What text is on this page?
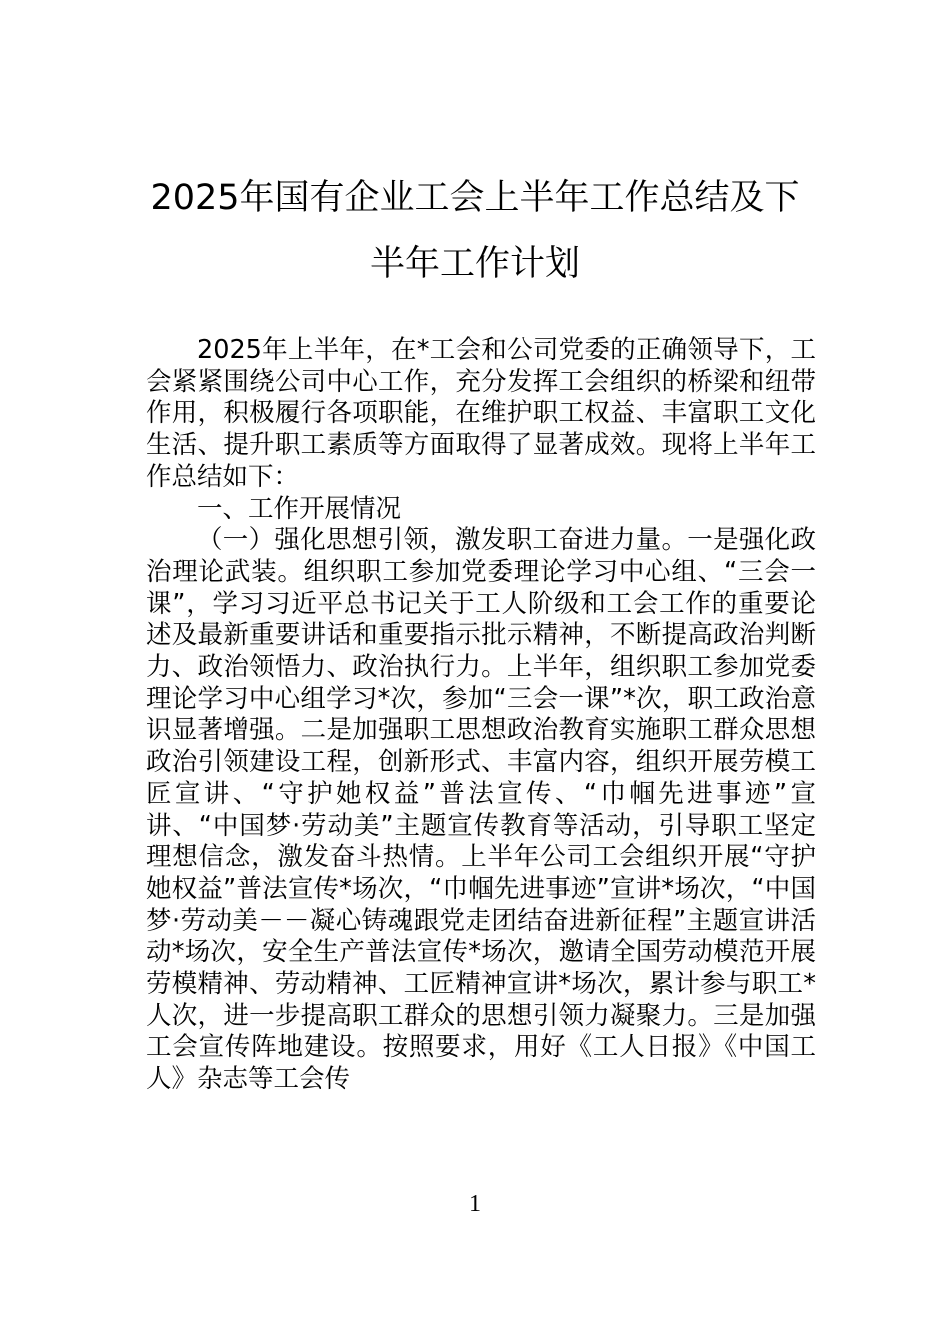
2025年国有企业工会上半年工作总结及下
半年工作计划

2025年上半年，在*工会和公司党委的正确领导下，工会紧紧围绕公司中心工作，充分发挥工会组织的桥梁和纽带作用，积极履行各项职能，在维护职工权益、丰富职工文化生活、提升职工素质等方面取得了显著成效。现将上半年工作总结如下：

一、工作开展情况

（一）强化思想引领，激发职工奋进力量。一是强化政治理论武装。组织职工参加党委理论学习中心组、“三会一课”，学习习近平总书记关于工人阶级和工会工作的重要论述及最新重要讲话和重要指示批示精神，不断提高政治判断力、政治领悟力、政治执行力。上半年，组织职工参加党委理论学习中心组学习*次，参加“三会一课”*次，职工政治意识显著增强。二是加强职工思想政治教育实施职工群众思想政治引领建设工程，创新形式、丰富内容，组织开展劳模工匠宣讲、“守护她权益”普法宣传、“巾帼先进事迹”宣讲、“中国梦·劳动美”主题宣传教育等活动，引导职工坚定理想信念，激发奋斗热情。上半年公司工会组织开展“守护她权益”普法宣传*场次，“巾帼先进事迹”宣讲*场次，“中国梦·劳动美－－凝心铸魂跟党走团结奋进新征程”主题宣讲活动*场次，安全生产普法宣传*场次，邀请全国劳动模范开展劳模精神、劳动精神、工匠精神宣讲*场次，累计参与职工*人次，进一步提高职工群众的思想引领力凝聚力。三是加强工会宣传阵地建设。按照要求，用好《工人日报》《中国工人》杂志等工会传

1
